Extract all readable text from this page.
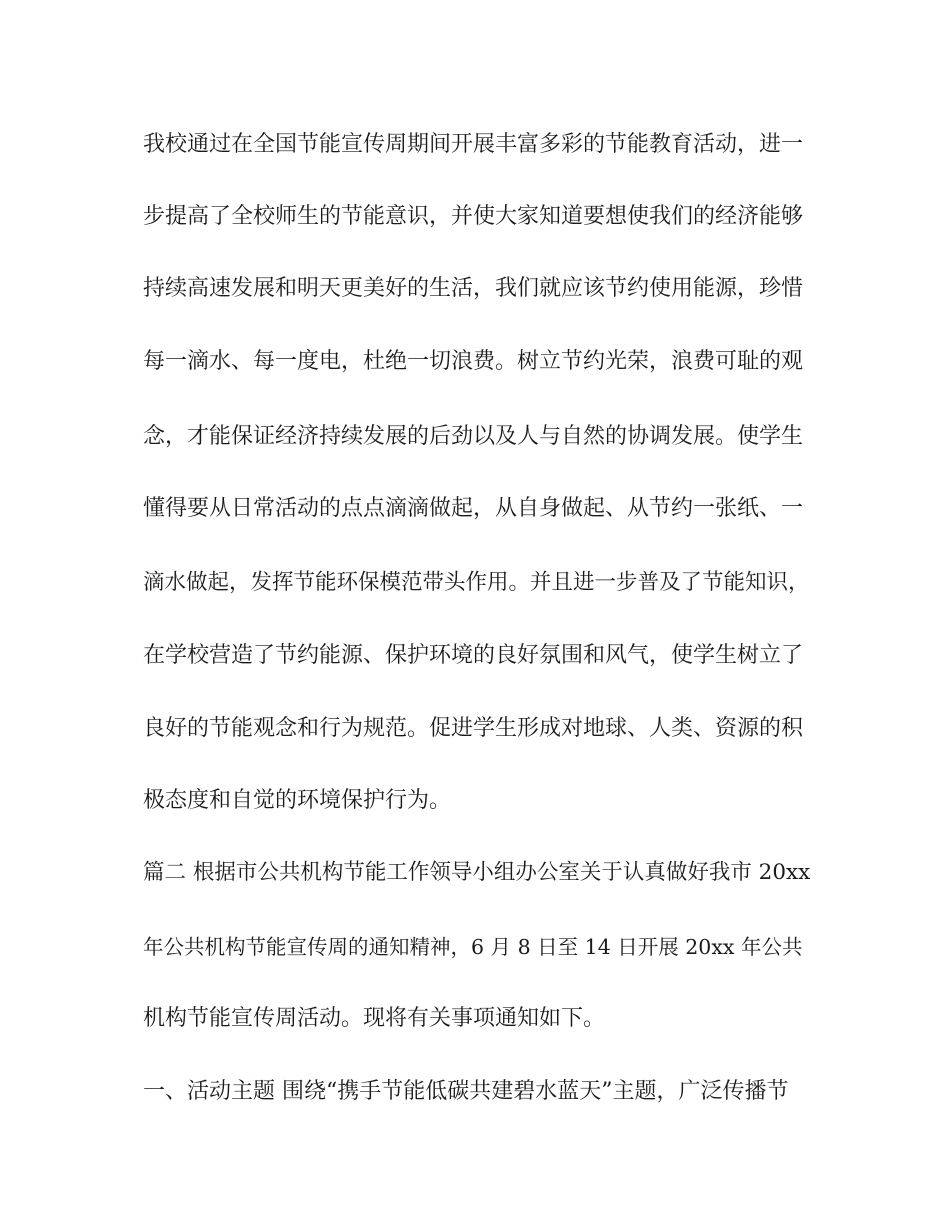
我校通过在全国节能宣传周期间开展丰富多彩的节能教育活动，进一

步提高了全校师生的节能意识，并使大家知道要想使我们的经济能够

持续高速发展和明天更美好的生活，我们就应该节约使用能源，珍惜

每一滴水、每一度电，杜绝一切浪费。树立节约光荣，浪费可耻的观

念，才能保证经济持续发展的后劲以及人与自然的协调发展。使学生

懂得要从日常活动的点点滴滴做起，从自身做起、从节约一张纸、一

滴水做起，发挥节能环保模范带头作用。并且进一步普及了节能知识，

在学校营造了节约能源、保护环境的良好氛围和风气，使学生树立了

良好的节能观念和行为规范。促进学生形成对地球、人类、资源的积

极态度和自觉的环境保护行为。

篇二 根据市公共机构节能工作领导小组办公室关于认真做好我市 20xx

年公共机构节能宣传周的通知精神，6 月 8 日至 14 日开展 20xx 年公共

机构节能宣传周活动。现将有关事项通知如下。

一、活动主题 围绕“携手节能低碳共建碧水蓝天”主题，广泛传播节
